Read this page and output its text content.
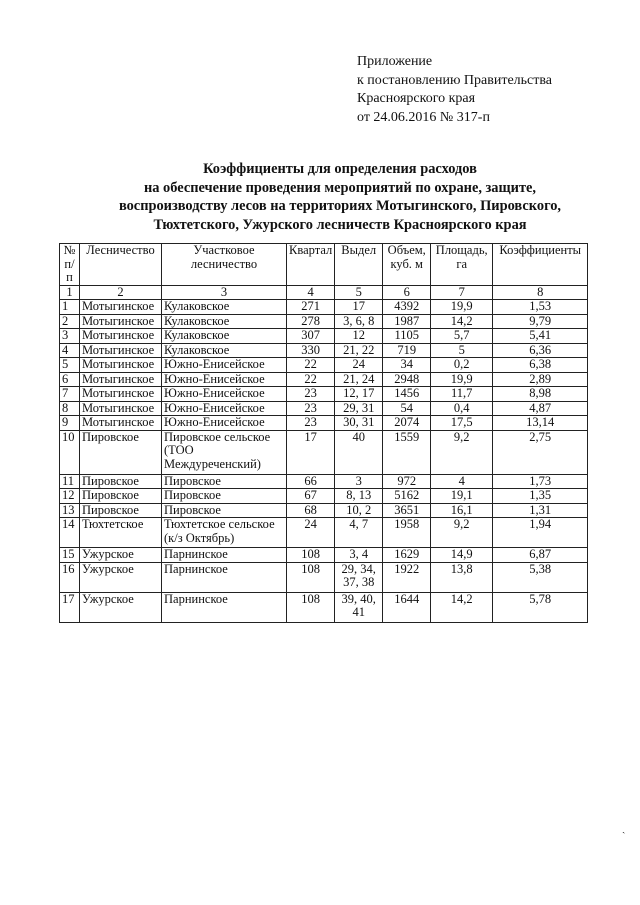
Приложение
к постановлению Правительства
Красноярского края
от 24.06.2016 № 317-п
Коэффициенты для определения расходов
на обеспечение проведения мероприятий по охране, защите,
воспроизводству лесов на территориях Мотыгинского, Пировского,
Тюхтетского, Ужурского лесничеств Красноярского края
№ п/п	Лесничество	Участковое лесничество	Квартал	Выдел	Объем, куб. м	Площадь, га	Коэффициенты
1	2	3	4	5	6	7	8
1	Мотыгинское	Кулаковское	271	17	4392	19,9	1,53
2	Мотыгинское	Кулаковское	278	3, 6, 8	1987	14,2	9,79
3	Мотыгинское	Кулаковское	307	12	1105	5,7	5,41
4	Мотыгинское	Кулаковское	330	21, 22	719	5	6,36
5	Мотыгинское	Южно-Енисейское	22	24	34	0,2	6,38
6	Мотыгинское	Южно-Енисейское	22	21, 24	2948	19,9	2,89
7	Мотыгинское	Южно-Енисейское	23	12, 17	1456	11,7	8,98
8	Мотыгинское	Южно-Енисейское	23	29, 31	54	0,4	4,87
9	Мотыгинское	Южно-Енисейское	23	30, 31	2074	17,5	13,14
10	Пировское	Пировское сельское (ТОО Междуреченский)	17	40	1559	9,2	2,75
11	Пировское	Пировское	66	3	972	4	1,73
12	Пировское	Пировское	67	8, 13	5162	19,1	1,35
13	Пировское	Пировское	68	10, 2	3651	16,1	1,31
14	Тюхтетское	Тюхтетское сельское (к/з Октябрь)	24	4, 7	1958	9,2	1,94
15	Ужурское	Парнинское	108	3, 4	1629	14,9	6,87
16	Ужурское	Парнинское	108	29, 34, 37, 38	1922	13,8	5,38
17	Ужурское	Парнинское	108	39, 40, 41	1644	14,2	5,78
ˎ
